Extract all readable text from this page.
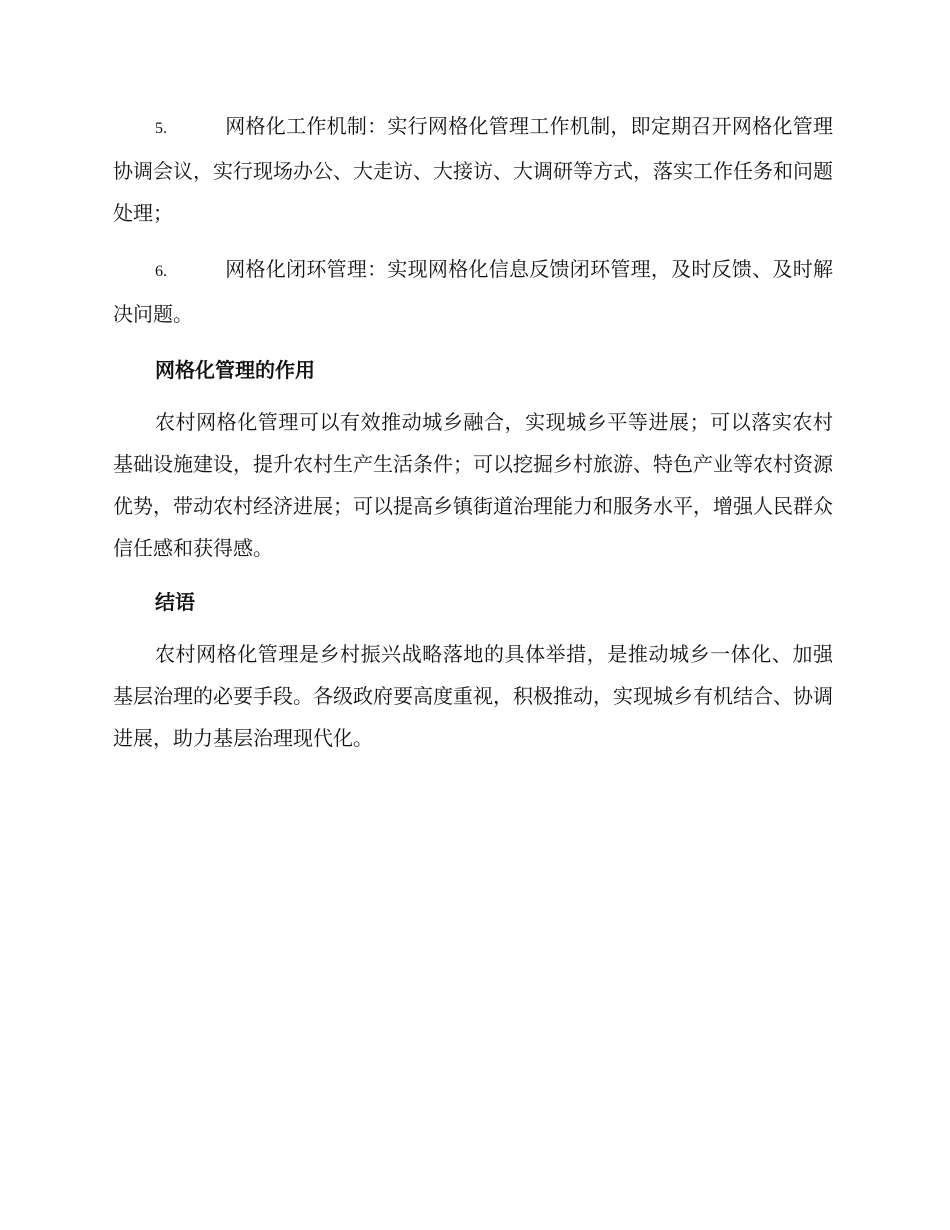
5.	网格化工作机制：实行网格化管理工作机制，即定期召开网格化管理协调会议，实行现场办公、大走访、大接访、大调研等方式，落实工作任务和问题处理；

6.	网格化闭环管理：实现网格化信息反馈闭环管理，及时反馈、及时解决问题。

网格化管理的作用

农村网格化管理可以有效推动城乡融合，实现城乡平等进展；可以落实农村基础设施建设，提升农村生产生活条件；可以挖掘乡村旅游、特色产业等农村资源优势，带动农村经济进展；可以提高乡镇街道治理能力和服务水平，增强人民群众信任感和获得感。

结语

农村网格化管理是乡村振兴战略落地的具体举措，是推动城乡一体化、加强基层治理的必要手段。各级政府要高度重视，积极推动，实现城乡有机结合、协调进展，助力基层治理现代化。
